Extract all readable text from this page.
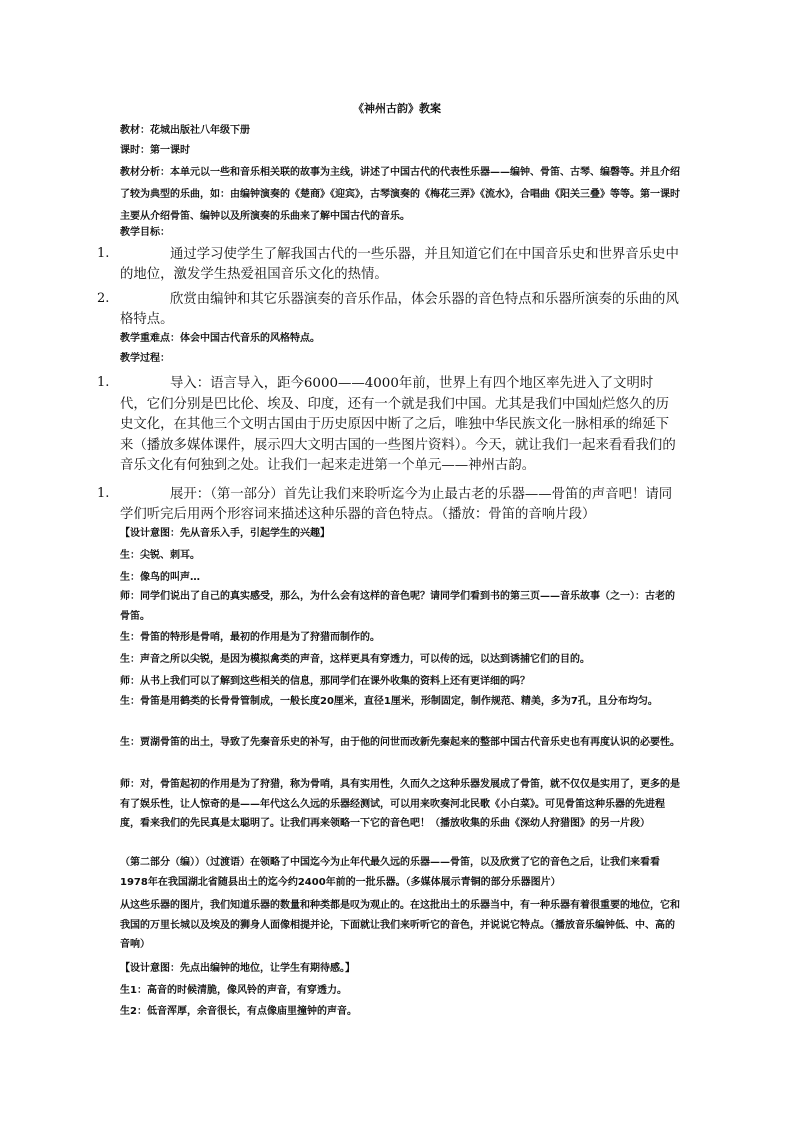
《神州古韵》教案
教材：花城出版社八年级下册
课时：第一课时
教材分析：本单元以一些和音乐相关联的故事为主线，讲述了中国古代的代表性乐器——编钟、骨笛、古琴、编磬等。并且介绍了较为典型的乐曲，如：由编钟演奏的《楚商》《迎宾》，古琴演奏的《梅花三弄》《流水》，合唱曲《阳关三叠》等等。第一课时主要从介绍骨笛、编钟以及所演奏的乐曲来了解中国古代的音乐。
教学目标：
1.	通过学习使学生了解我国古代的一些乐器，并且知道它们在中国音乐史和世界音乐史中的地位，激发学生热爱祖国音乐文化的热情。
2.	欣赏由编钟和其它乐器演奏的音乐作品，体会乐器的音色特点和乐器所演奏的乐曲的风格特点。
教学重难点：体会中国古代音乐的风格特点。
教学过程：
1.	导入：语言导入，距今6000——4000年前，世界上有四个地区率先进入了文明时代，它们分别是巴比伦、埃及、印度，还有一个就是我们中国。尤其是我们中国灿烂悠久的历史文化，在其他三个文明古国由于历史原因中断了之后，唯独中华民族文化一脉相承的绵延下来（播放多媒体课件，展示四大文明古国的一些图片资料）。今天，就让我们一起来看看我们的音乐文化有何独到之处。让我们一起来走进第一个单元——神州古韵。
1.	展开：（第一部分）首先让我们来聆听迄今为止最古老的乐器——骨笛的声音吧！请同学们听完后用两个形容词来描述这种乐器的音色特点。（播放：骨笛的音响片段）
【设计意图：先从音乐入手，引起学生的兴趣】
生：尖锐、刺耳。
生：像鸟的叫声…
师：同学们说出了自己的真实感受，那么，为什么会有这样的音色呢？请同学们看到书的第三页——音乐故事（之一）：古老的骨笛。
生：骨笛的特形是骨哨，最初的作用是为了狩猎而制作的。
生：声音之所以尖锐，是因为模拟禽类的声音，这样更具有穿透力，可以传的远，以达到诱捕它们的目的。
师：从书上我们可以了解到这些相关的信息，那同学们在课外收集的资料上还有更详细的吗？
生：骨笛是用鹤类的长骨骨管制成，一般长度20厘米，直径1厘米，形制固定，制作规范、精美，多为7孔，且分布均匀。
生：贾湖骨笛的出土，导致了先秦音乐史的补写，由于他的问世而改新先秦起来的整部中国古代音乐史也有再度认识的必要性。
师：对，骨笛起初的作用是为了狩猎，称为骨哨，具有实用性，久而久之这种乐器发展成了骨笛，就不仅仅是实用了，更多的是有了娱乐性，让人惊奇的是——年代这么久远的乐器经测试，可以用来吹奏河北民歌《小白菜》。可见骨笛这种乐器的先进程度，看来我们的先民真是太聪明了。让我们再来领略一下它的音色吧！（播放收集的乐曲《深幼人狩猎图》的另一片段）
（第二部分（编））（过渡语）在领略了中国迄今为止年代最久远的乐器——骨笛，以及欣赏了它的音色之后，让我们来看看1978年在我国湖北省随县出土的迄今约2400年前的一批乐器。（多媒体展示青铜的部分乐器图片）
从这些乐器的图片，我们知道乐器的数量和种类都是叹为观止的。在这批出土的乐器当中，有一种乐器有着很重要的地位，它和我国的万里长城以及埃及的狮身人面像相提并论，下面就让我们来听听它的音色，并说说它特点。（播放音乐编钟低、中、高的音响）
【设计意图：先点出编钟的地位，让学生有期待感。】
生1：高音的时候清脆，像风铃的声音，有穿透力。
生2：低音浑厚，余音很长，有点像庙里撞钟的声音。
